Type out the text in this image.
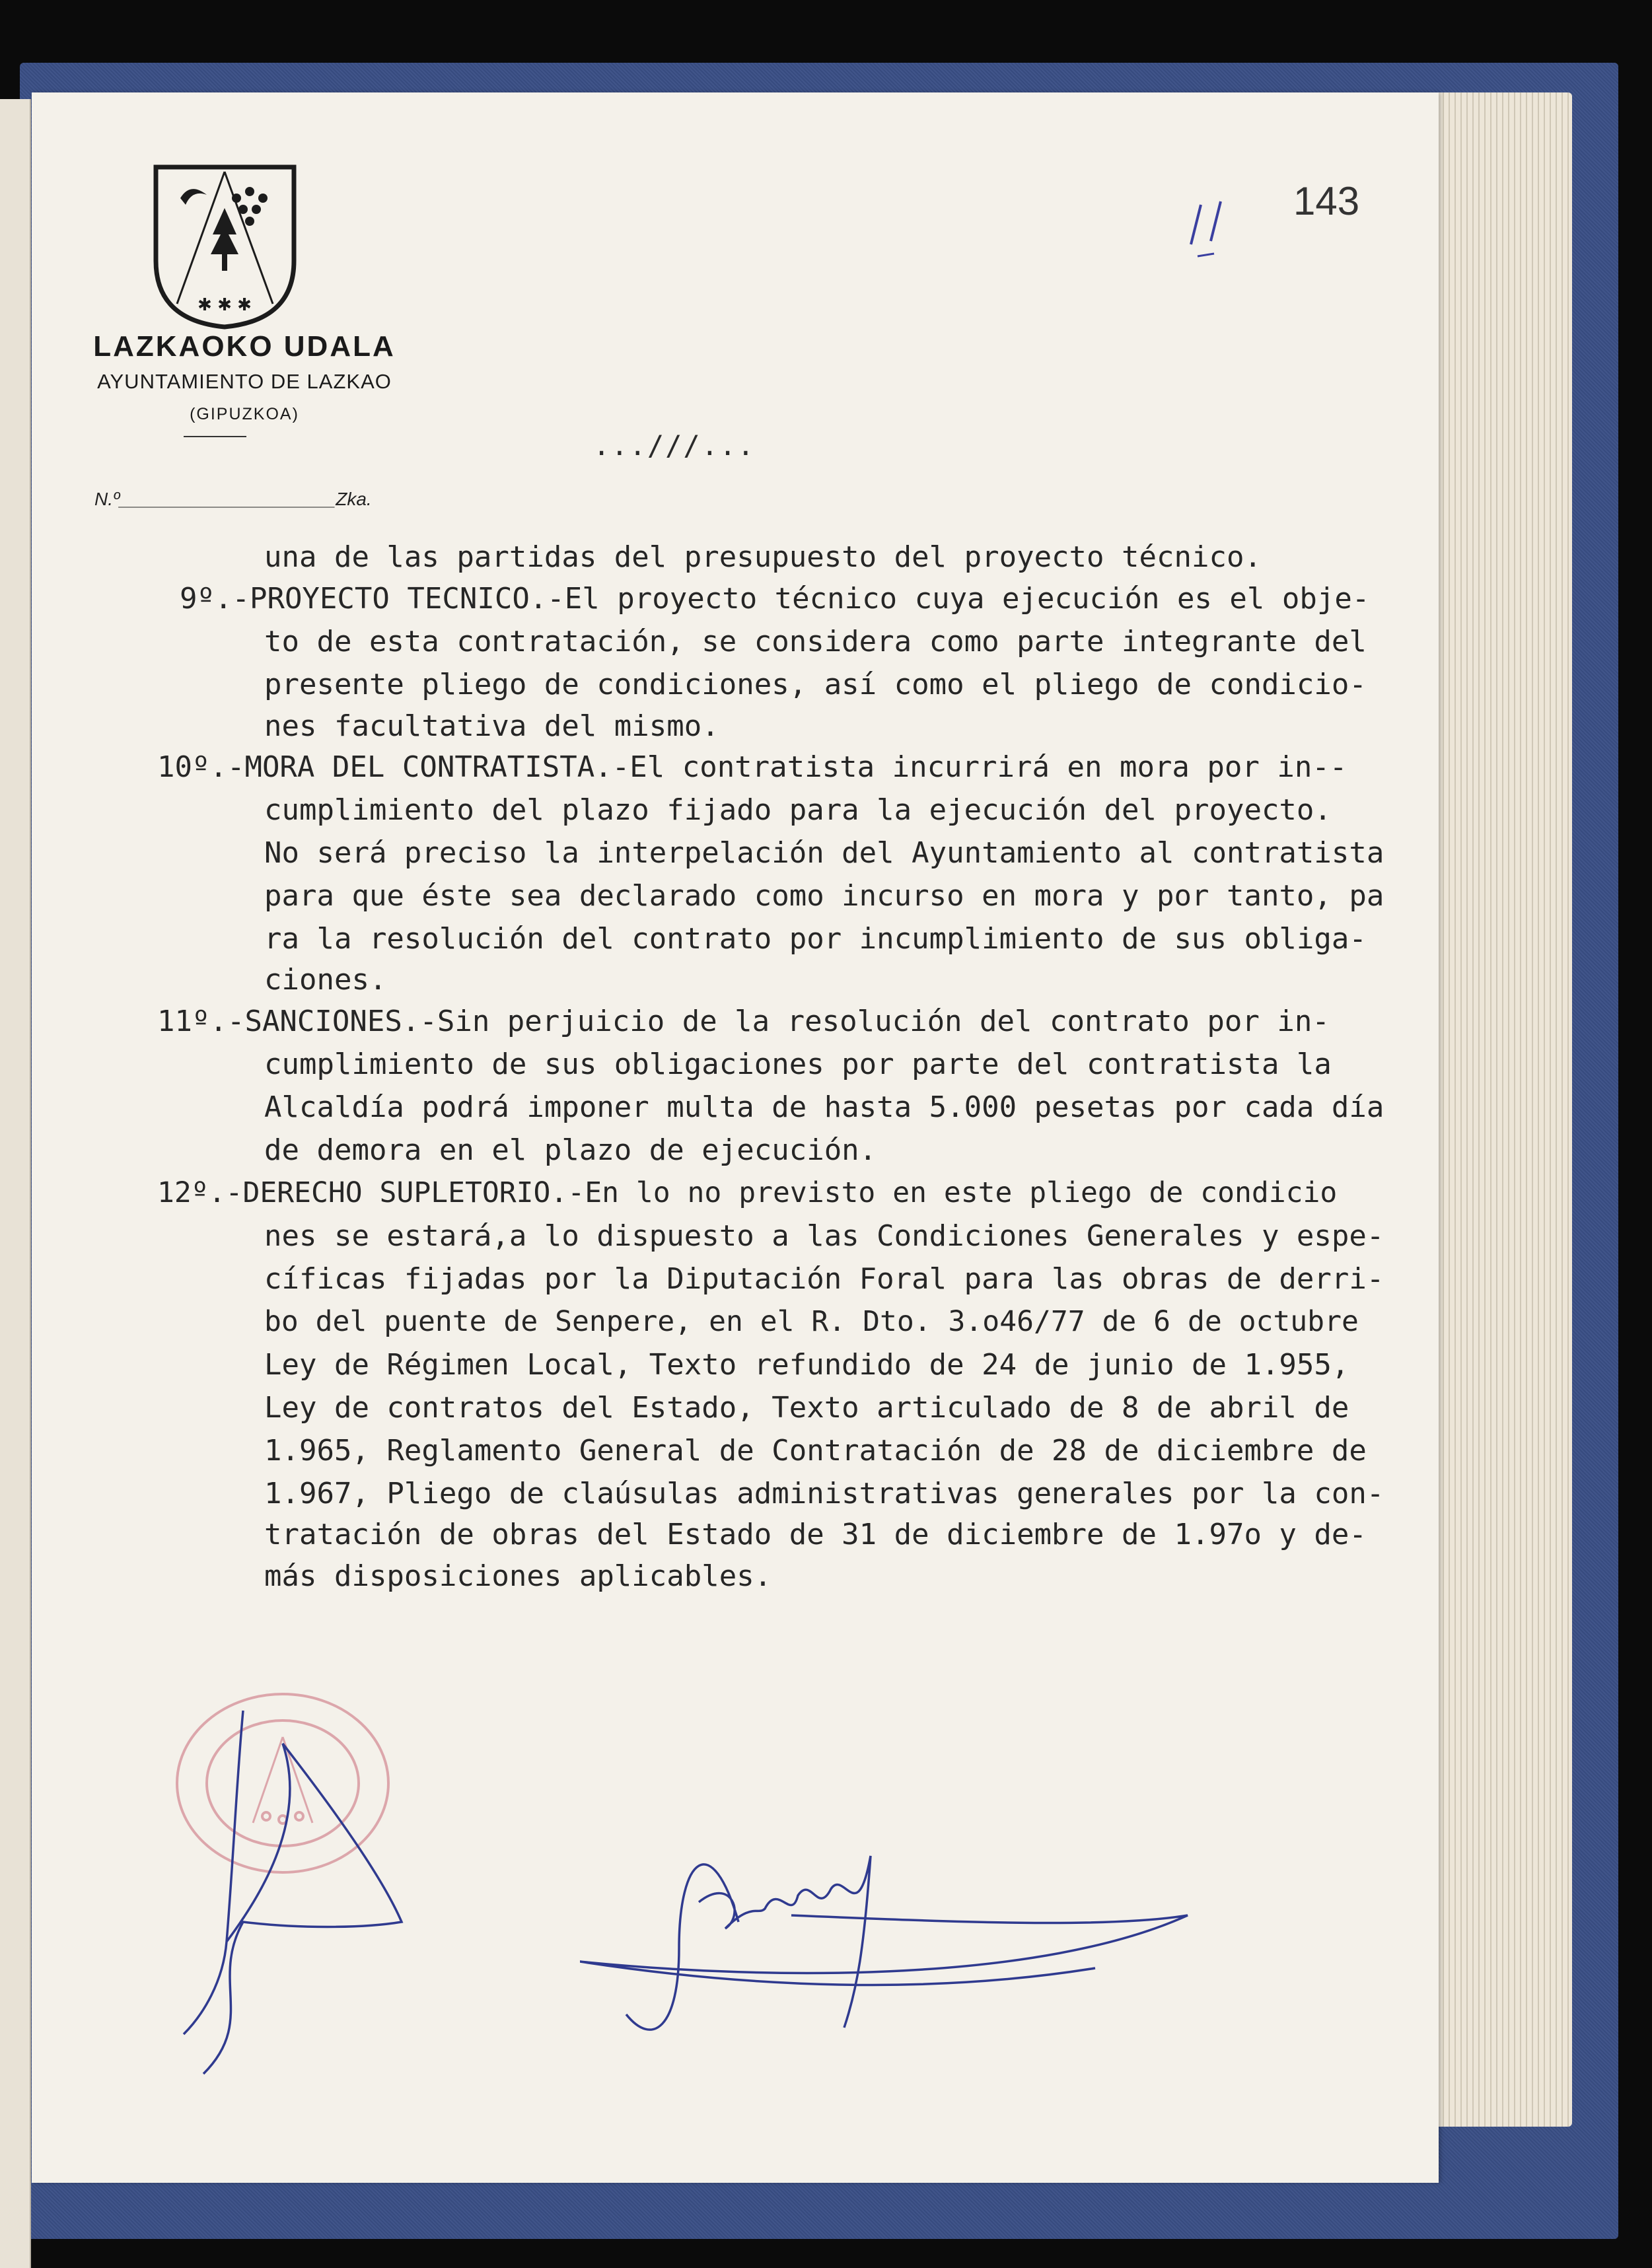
✱ ✱ ✱
LAZKAOKO UDALA
AYUNTAMIENTO DE LAZKAO
(GIPUZKOA)
N.º_____________________Zka.
11
143
...///...
una de las partidas del presupuesto del proyecto técnico.
9º.-PROYECTO TECNICO.-El proyecto técnico cuya ejecución es el obje-
to de esta contratación, se considera como parte integrante del
presente pliego de condiciones, así como el pliego de condicio-
nes facultativa del mismo.
10º.-MORA DEL CONTRATISTA.-El contratista incurrirá en mora por in--
cumplimiento del plazo fijado para la ejecución del proyecto.
No será preciso la interpelación del Ayuntamiento al contratista
para que éste sea declarado como incurso en mora y por tanto, pa
ra la resolución del contrato por incumplimiento de sus obliga-
ciones.
11º.-SANCIONES.-Sin perjuicio de la resolución del contrato por in-
cumplimiento de sus obligaciones por parte del contratista la
Alcaldía podrá imponer multa de hasta 5.000 pesetas por cada día
de demora en el plazo de ejecución.
12º.-DERECHO SUPLETORIO.-En lo no previsto en este pliego de condicio
nes se estará,a lo dispuesto a las Condiciones Generales y espe-
cíficas fijadas por la Diputación Foral para las obras de derri-
bo del puente de Senpere, en el R. Dto. 3.o46/77 de 6 de octubre
Ley de Régimen Local, Texto refundido de 24 de junio de 1.955,
Ley de contratos del Estado, Texto articulado de 8 de abril de
1.965, Reglamento General de Contratación de 28 de diciembre de
1.967, Pliego de claúsulas administrativas generales por la con-
tratación de obras del Estado de 31 de diciembre de 1.97o y de-
más disposiciones aplicables.
